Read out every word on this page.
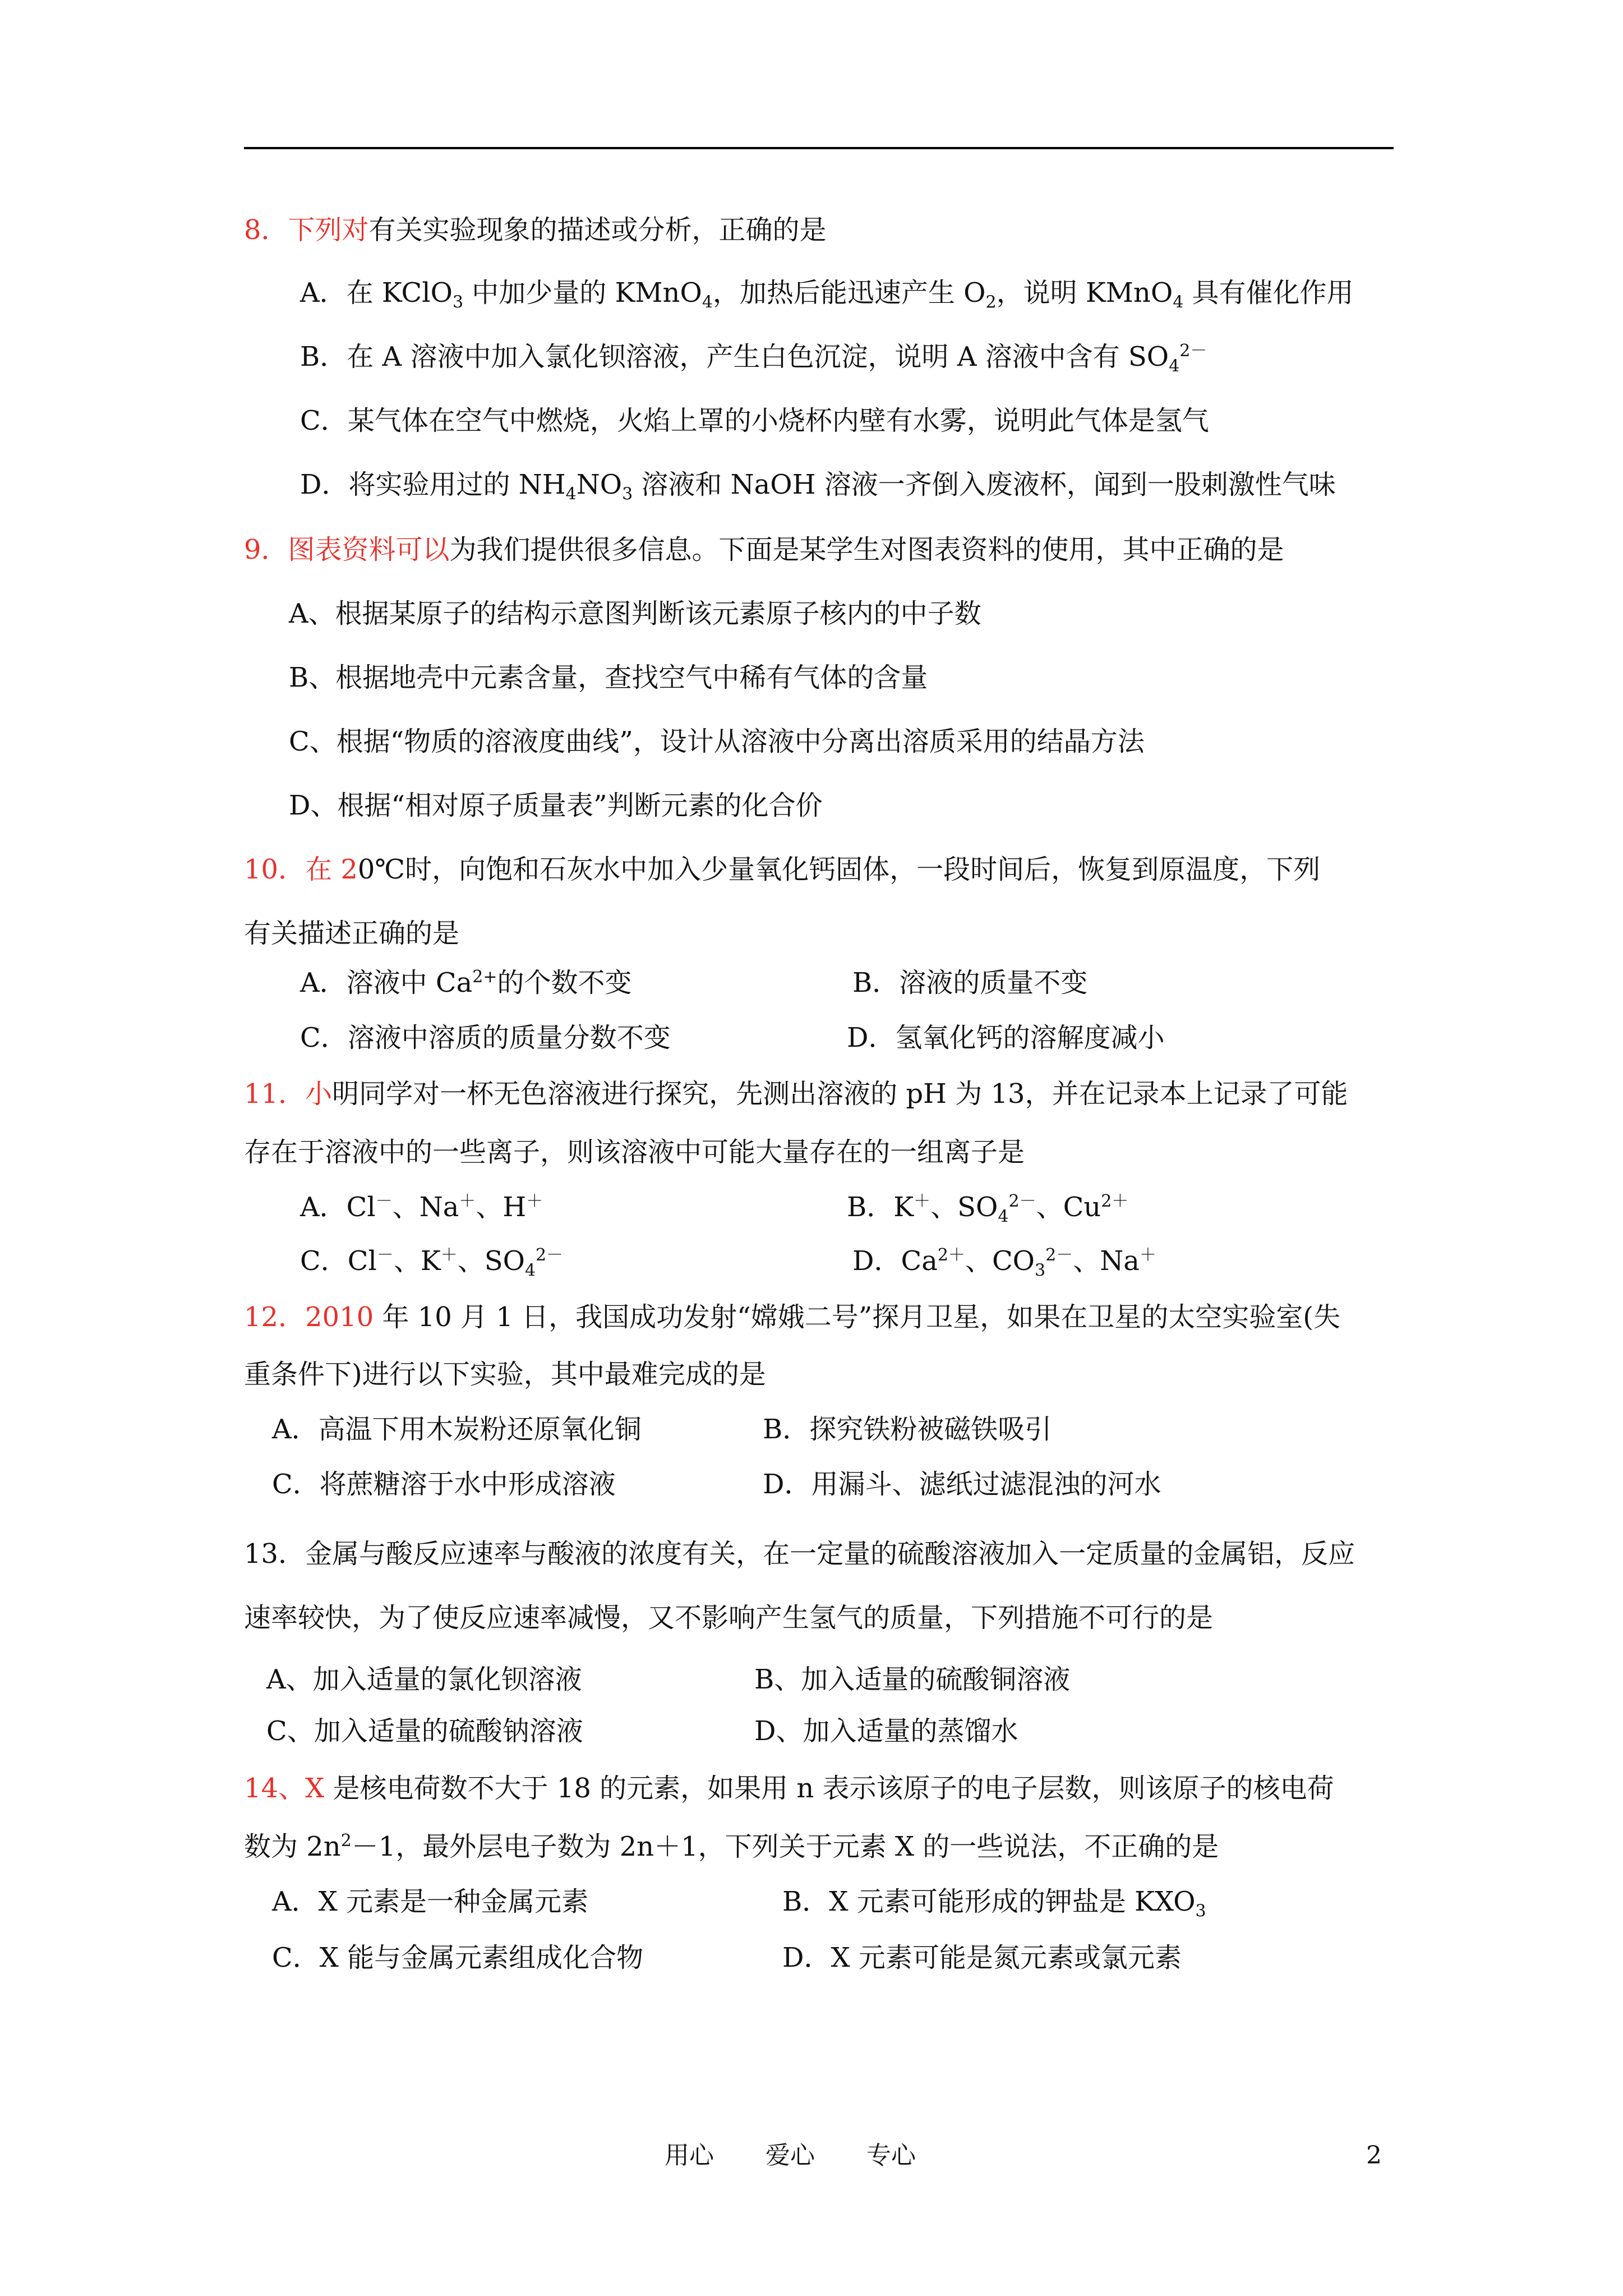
8．下列对有关实验现象的描述或分析，正确的是
A．在 KClO$_3$ 中加少量的 KMnO$_4$，加热后能迅速产生 $O_2$，说明 KMnO$_4$ 具有催化作用
B．在 A 溶液中加入氯化钡溶液，产生白色沉淀，说明 A 溶液中含有 $SO_4^{2-}$
C．某气体在空气中燃烧，火焰上罩的小烧杯内壁有水雾，说明此气体是氢气
D．将实验用过的 $NH_4NO_3$ 溶液和 NaOH 溶液一齐倒入废液杯，闻到一股刺激性气味
9．图表资料可以为我们提供很多信息。下面是某学生对图表资料的使用，其中正确的是
A、根据某原子的结构示意图判断该元素原子核内的中子数
B、根据地壳中元素含量，查找空气中稀有气体的含量
C、根据“物质的溶液度曲线”，设计从溶液中分离出溶质采用的结晶方法
D、根据“相对原子质量表”判断元素的化合价
10．在 20℃时，向饱和石灰水中加入少量氧化钙固体，一段时间后，恢复到原温度，下列
有关描述正确的是
A．溶液中 $Ca^{2+}$的个数不变	B．溶液的质量不变
C．溶液中溶质的质量分数不变	D．氢氧化钙的溶解度减小
11．小明同学对一杯无色溶液进行探究，先测出溶液的 pH 为 13，并在记录本上记录了可能
存在于溶液中的一些离子，则该溶液中可能大量存在的一组离子是
A．Cl－、Na＋、H＋	B．K＋、$SO_4^{2-}$、$Cu^{2+}$
C．Cl－、K＋、$SO_4^{2-}$	D．$Ca^{2+}$、$CO_3^{2-}$、Na＋
12．2010 年 10 月 1 日，我国成功发射“嫦娥二号”探月卫星，如果在卫星的太空实验室(失
重条件下)进行以下实验，其中最难完成的是
A．高温下用木炭粉还原氧化铜	B．探究铁粉被磁铁吸引
C．将蔗糖溶于水中形成溶液	D．用漏斗、滤纸过滤混浊的河水
13．金属与酸反应速率与酸液的浓度有关，在一定量的硫酸溶液加入一定质量的金属铝，反应
速率较快，为了使反应速率减慢，又不影响产生氢气的质量，下列措施不可行的是
A、加入适量的氯化钡溶液	B、加入适量的硫酸铜溶液
C、加入适量的硫酸钠溶液	D、加入适量的蒸馏水
14、X 是核电荷数不大于 18 的元素，如果用 n 表示该原子的电子层数，则该原子的核电荷
数为 $2n^2-1$，最外层电子数为 2n＋1，下列关于元素 X 的一些说法，不正确的是
A．X 元素是一种金属元素	B．X 元素可能形成的钾盐是 $KXO_3$
C．X 能与金属元素组成化合物	D．X 元素可能是氮元素或氯元素
用心 爱心 专心	2
